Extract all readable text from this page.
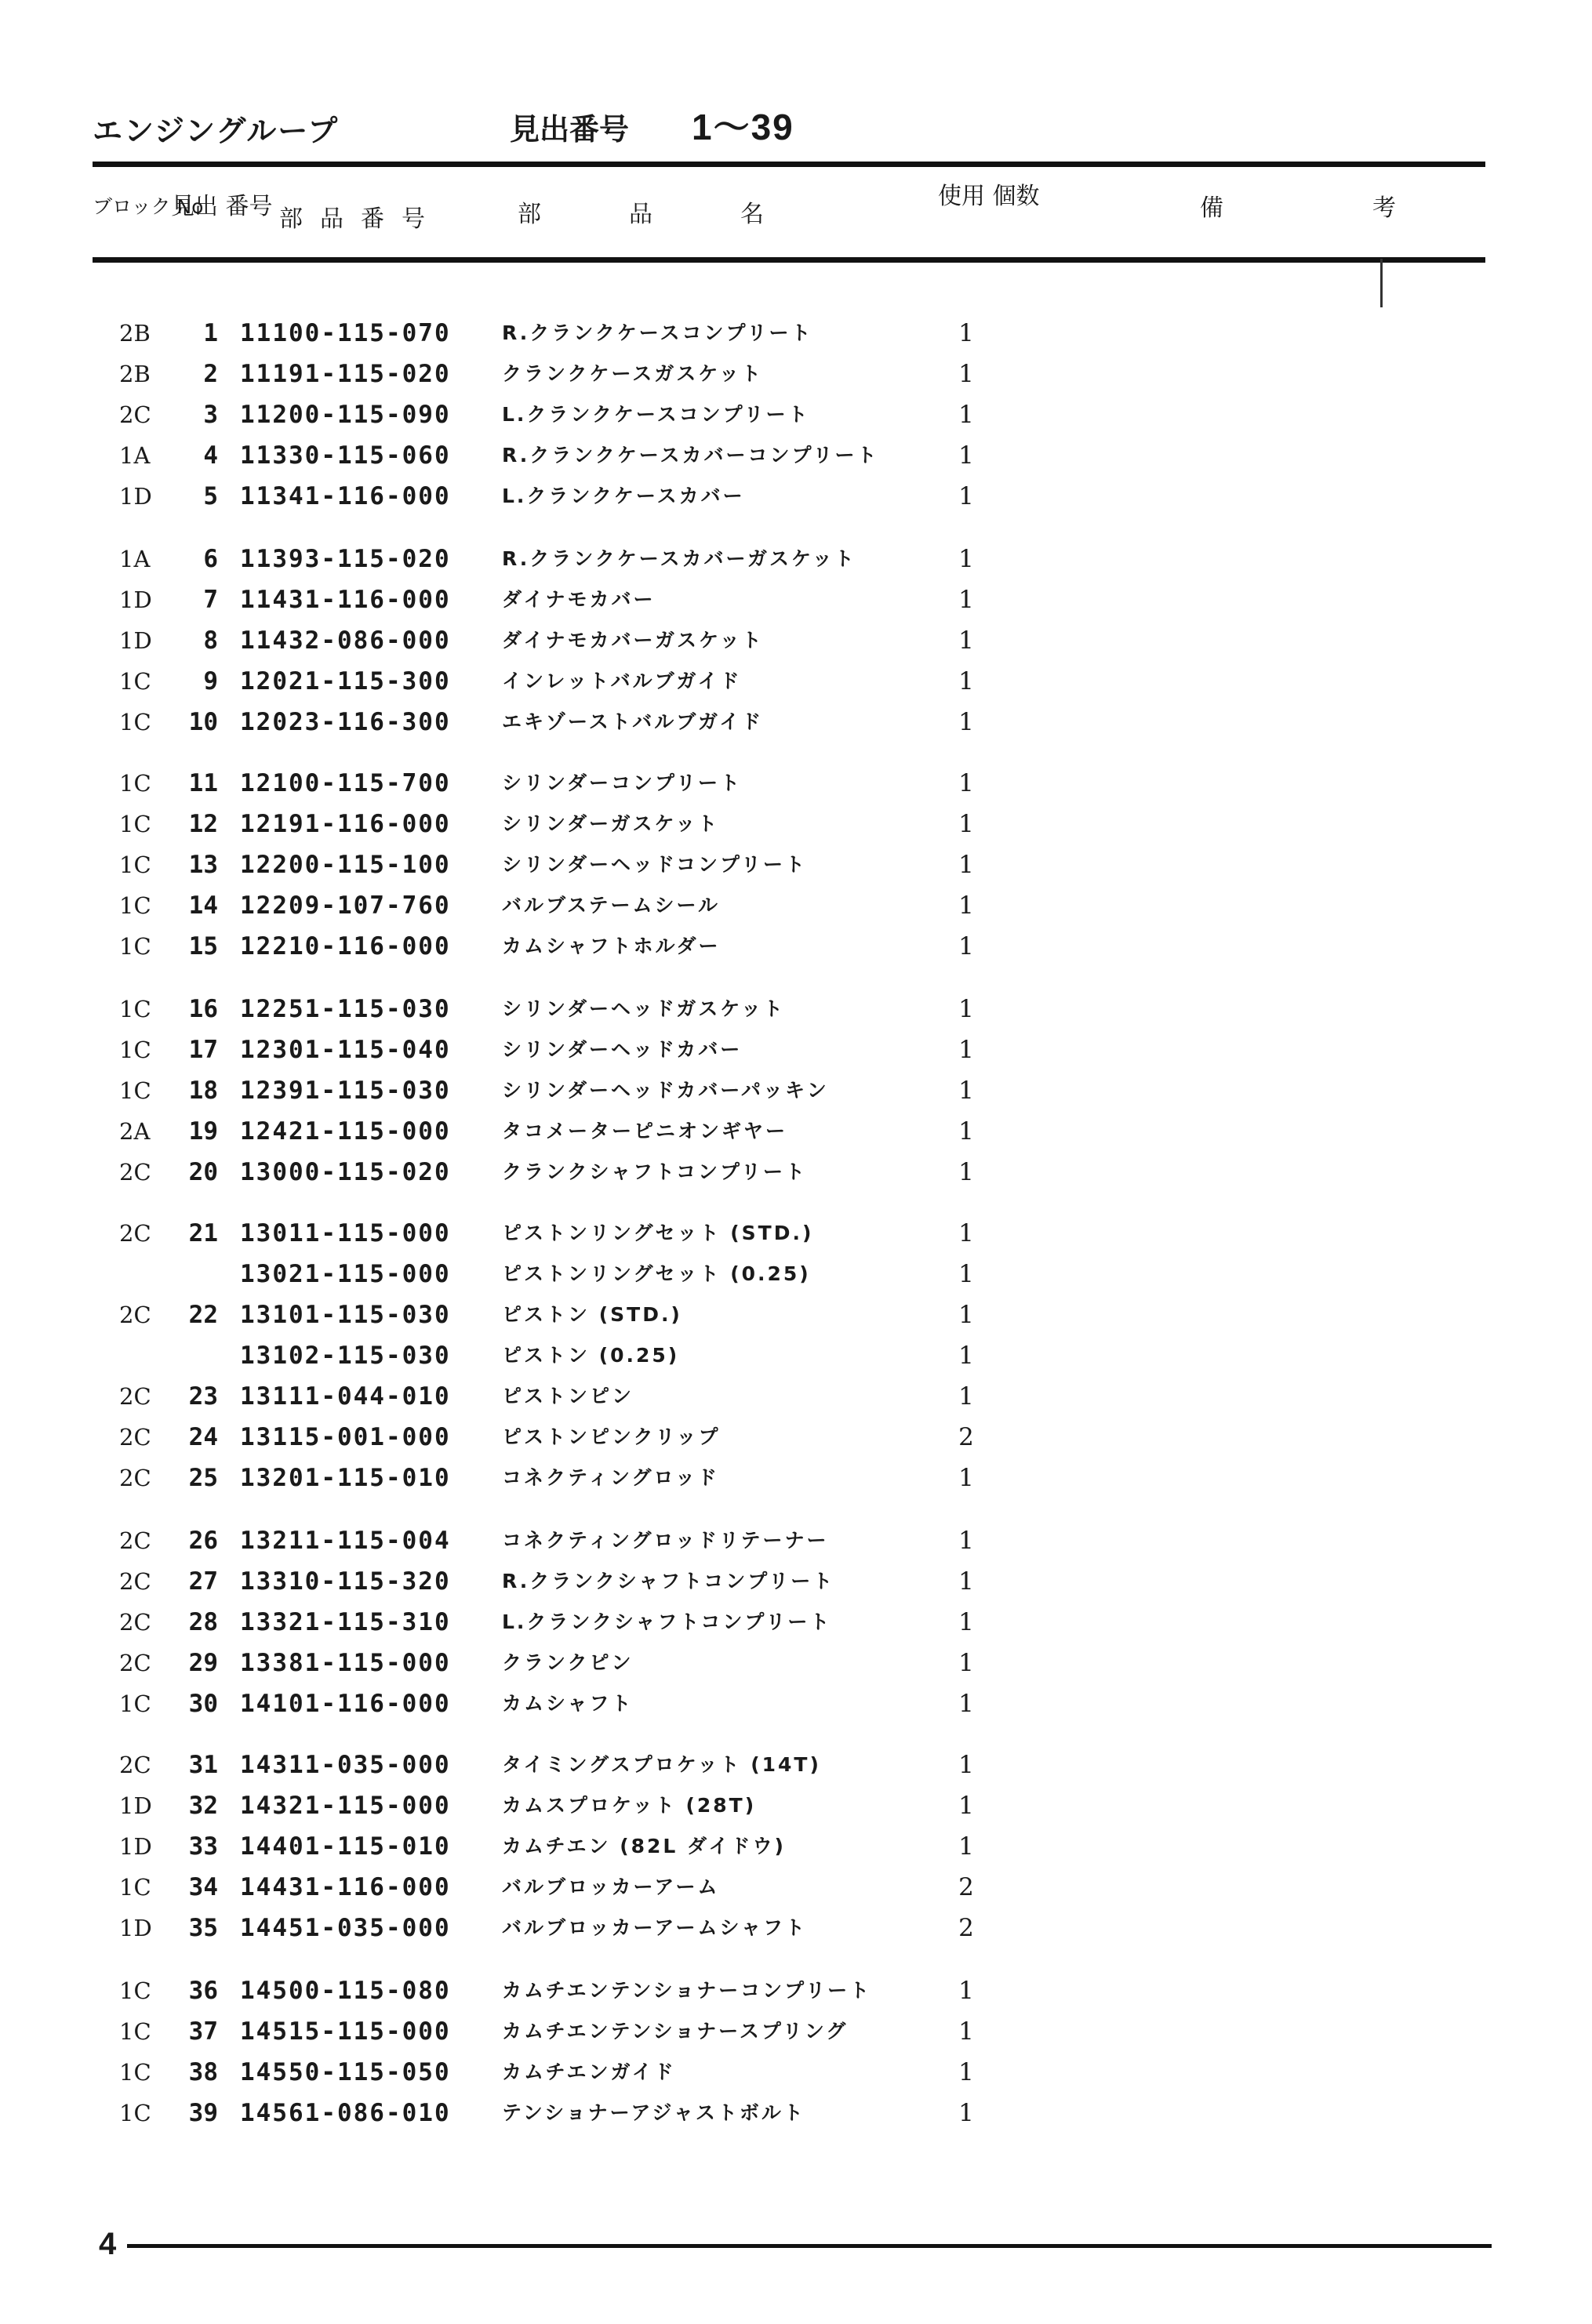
エンジングループ	見出番号 1～39
ブロック No
見出 番号 部品番号	部品名
使用 個数	備考
2B	1 11100-115-070	R.クランクケースコンプリート	1
2B	2 11191-115-020	クランクケースガスケット	1
2C	3 11200-115-090	L.クランクケースコンプリート	1
1A	4 11330-115-060	R.クランクケースカバーコンプリート	1
1D	5 11341-116-000	L.クランクケースカバー	1
1A	6 11393-115-020	R.クランクケースカバーガスケット	1
1D	7 11431-116-000	ダイナモカバー	1
1D	8 11432-086-000	ダイナモカバーガスケット	1
1C	9 12021-115-300	インレットバルブガイド	1
1C	10 12023-116-300	エキゾーストバルブガイド	1
1C	11 12100-115-700	シリンダーコンプリート	1
1C	12 12191-116-000	シリンダーガスケット	1
1C	13 12200-115-100	シリンダーヘッドコンプリート	1
1C	14 12209-107-760	バルブステームシール	1
1C	15 12210-116-000	カムシャフトホルダー	1
1C	16 12251-115-030	シリンダーヘッドガスケット	1
1C	17 12301-115-040	シリンダーヘッドカバー	1
1C	18 12391-115-030	シリンダーヘッドカバーパッキン	1
2A	19 12421-115-000	タコメーターピニオンギヤー	1
2C	20 13000-115-020	クランクシャフトコンプリート	1
2C	21 13011-115-000	ピストンリングセット (STD.)	1
13021-115-000	ピストンリングセット (0.25)	1
2C	22 13101-115-030	ピストン (STD.)	1
13102-115-030	ピストン (0.25)	1
2C	23 13111-044-010	ピストンピン	1
2C	24 13115-001-000	ピストンピンクリップ	2
2C	25 13201-115-010	コネクティングロッド	1
2C	26 13211-115-004	コネクティングロッドリテーナー	1
2C	27 13310-115-320	R.クランクシャフトコンプリート	1
2C	28 13321-115-310	L.クランクシャフトコンプリート	1
2C	29 13381-115-000	クランクピン	1
1C	30 14101-116-000	カムシャフト	1
2C	31 14311-035-000	タイミングスプロケット (14T)	1
1D	32 14321-115-000	カムスプロケット (28T)	1
1D	33 14401-115-010	カムチエン (82L ダイドウ)	1
1C	34 14431-116-000	バルブロッカーアーム	2
1D	35 14451-035-000	バルブロッカーアームシャフト	2
1C	36 14500-115-080	カムチエンテンショナーコンプリート	1
1C	37 14515-115-000	カムチエンテンショナースプリング	1
1C	38 14550-115-050	カムチエンガイド	1
1C	39 14561-086-010	テンショナーアジャストボルト	1
4
